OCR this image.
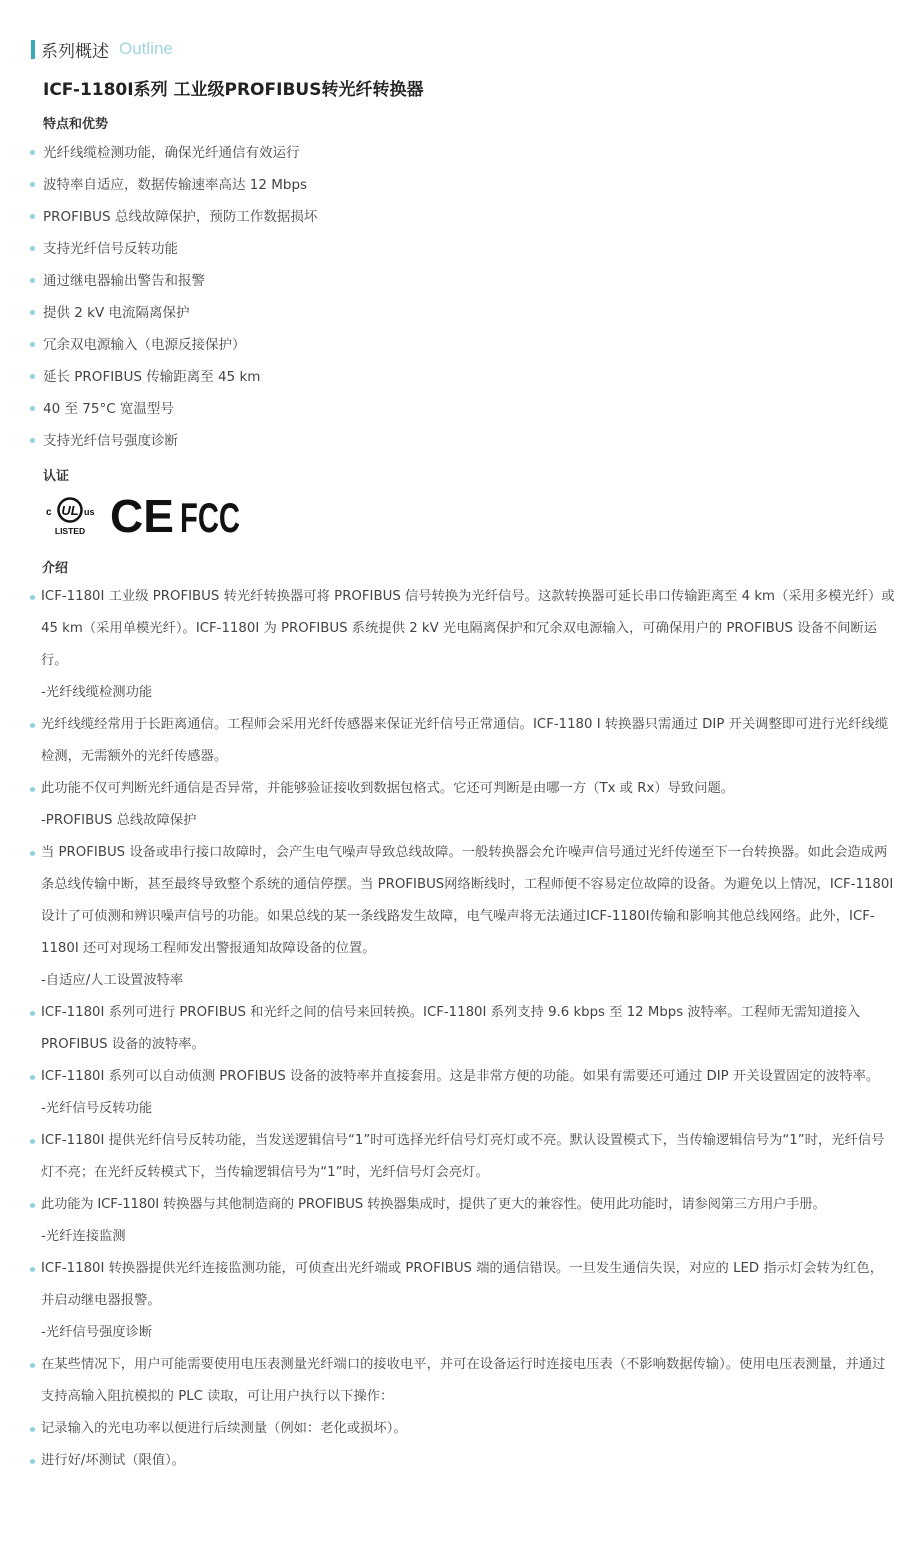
系列概述 Outline
ICF-1180I系列 工业级PROFIBUS转光纤转换器
特点和优势
光纤线缆检测功能，确保光纤通信有效运行
波特率自适应，数据传输速率高达 12 Mbps
PROFIBUS 总线故障保护，预防工作数据损坏
支持光纤信号反转功能
通过继电器输出警告和报警
提供 2 kV 电流隔离保护
冗余双电源输入（电源反接保护）
延长 PROFIBUS 传输距离至 45 km
40 至 75°C 宽温型号
支持光纤信号强度诊断
认证
UL
c	us
LISTED CE FCC
介绍
ICF-1180I 工业级 PROFIBUS 转光纤转换器可将 PROFIBUS 信号转换为光纤信号。这款转换器可延长串口传输距离至 4 km（采用多模光纤）或 45 km（采用单模光纤）。ICF-1180I 为 PROFIBUS 系统提供 2 kV 光电隔离保护和冗余双电源输入，可确保用户的 PROFIBUS 设备不间断运行。
-光纤线缆检测功能
光纤线缆经常用于长距离通信。工程师会采用光纤传感器来保证光纤信号正常通信。ICF-1180 I 转换器只需通过 DIP 开关调整即可进行光纤线缆检测，无需额外的光纤传感器。
此功能不仅可判断光纤通信是否异常，并能够验证接收到数据包格式。它还可判断是由哪一方（Tx 或 Rx）导致问题。
-PROFIBUS 总线故障保护
当 PROFIBUS 设备或串行接口故障时，会产生电气噪声导致总线故障。一般转换器会允许噪声信号通过光纤传递至下一台转换器。如此会造成两条总线传输中断，甚至最终导致整个系统的通信停摆。当 PROFIBUS网络断线时，工程师便不容易定位故障的设备。为避免以上情况，ICF-1180I 设计了可侦测和辨识噪声信号的功能。如果总线的某一条线路发生故障，电气噪声将无法通过ICF-1180I传输和影响其他总线网络。此外，ICF-1180I 还可对现场工程师发出警报通知故障设备的位置。
-自适应/人工设置波特率
ICF-1180I 系列可进行 PROFIBUS 和光纤之间的信号来回转换。ICF-1180I 系列支持 9.6 kbps 至 12 Mbps 波特率。工程师无需知道接入 PROFIBUS 设备的波特率。
ICF-1180I 系列可以自动侦测 PROFIBUS 设备的波特率并直接套用。这是非常方便的功能。如果有需要还可通过 DIP 开关设置固定的波特率。
-光纤信号反转功能
ICF-1180I 提供光纤信号反转功能，当发送逻辑信号“1”时可选择光纤信号灯亮灯或不亮。默认设置模式下，当传输逻辑信号为“1”时，光纤信号灯不亮；在光纤反转模式下，当传输逻辑信号为“1”时，光纤信号灯会亮灯。
此功能为 ICF-1180I 转换器与其他制造商的 PROFIBUS 转换器集成时，提供了更大的兼容性。使用此功能时，请参阅第三方用户手册。
-光纤连接监测
ICF-1180I 转换器提供光纤连接监测功能，可侦查出光纤端或 PROFIBUS 端的通信错误。一旦发生通信失误，对应的 LED 指示灯会转为红色，并启动继电器报警。
-光纤信号强度诊断
在某些情况下，用户可能需要使用电压表测量光纤端口的接收电平，并可在设备运行时连接电压表（不影响数据传输）。使用电压表测量，并通过支持高输入阻抗模拟的 PLC 读取，可让用户执行以下操作：
记录输入的光电功率以便进行后续测量（例如：老化或损坏）。
进行好/坏测试（限值）。
